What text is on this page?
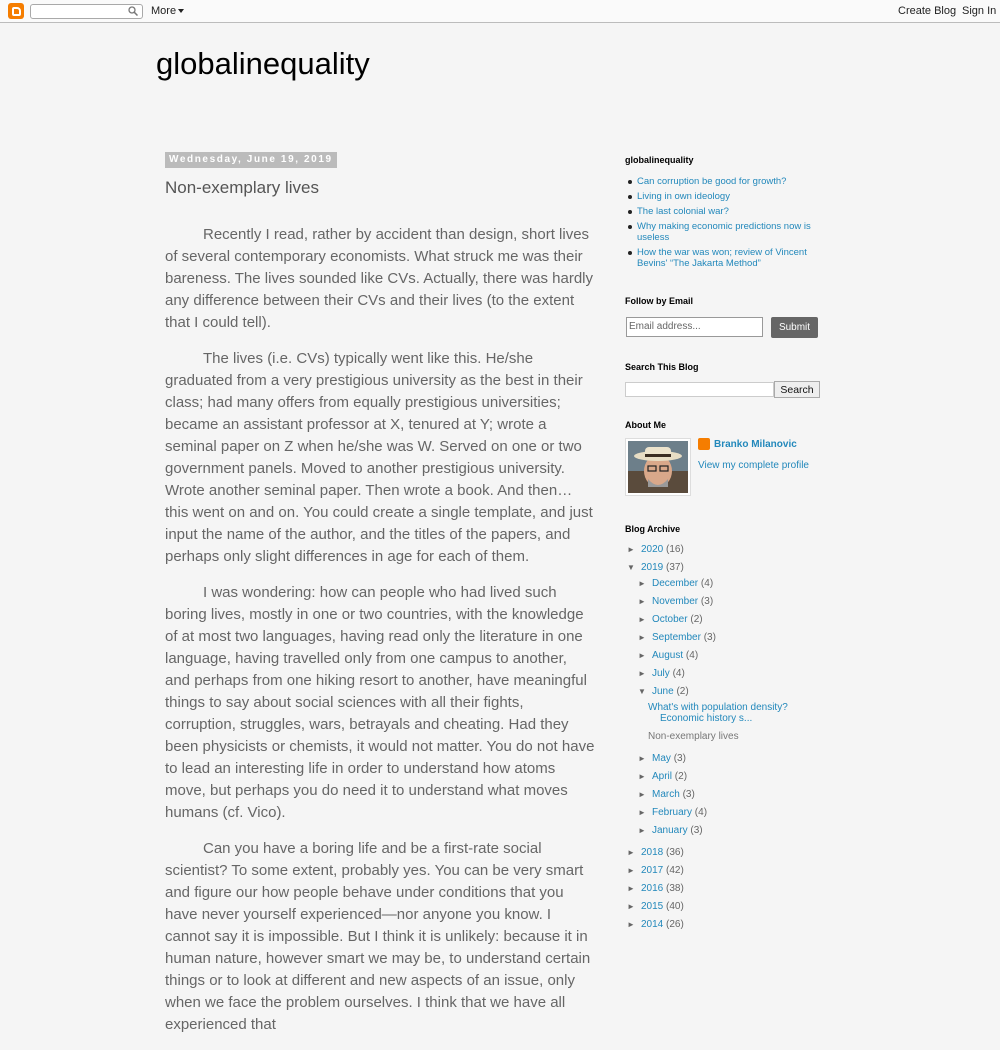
More	Create Blog Sign In
globalinequality
Wednesday, June 19, 2019
Non-exemplary lives

Recently I read, rather by accident than design, short lives of several contemporary economists. What struck me was their bareness. The lives sounded like CVs. Actually, there was hardly any difference between their CVs and their lives (to the extent that I could tell).

The lives (i.e. CVs) typically went like this. He/she graduated from a very prestigious university as the best in their class; had many offers from equally prestigious universities; became an assistant professor at X, tenured at Y; wrote a seminal paper on Z when he/she was W. Served on one or two government panels. Moved to another prestigious university. Wrote another seminal paper. Then wrote a book. And then…this went on and on. You could create a single template, and just input the name of the author, and the titles of the papers, and perhaps only slight differences in age for each of them.

I was wondering: how can people who had lived such boring lives, mostly in one or two countries, with the knowledge of at most two languages, having read only the literature in one language, having travelled only from one campus to another, and perhaps from one hiking resort to another, have meaningful things to say about social sciences with all their fights, corruption, struggles, wars, betrayals and cheating. Had they been physicists or chemists, it would not matter. You do not have to lead an interesting life in order to understand how atoms move, but perhaps you do need it to understand what moves humans (cf. Vico).

Can you have a boring life and be a first-rate social scientist? To some extent, probably yes. You can be very smart and figure our how people behave under conditions that you have never yourself experienced—nor anyone you know. I cannot say it is impossible. But I think it is unlikely: because it in human nature, however smart we may be, to understand certain things or to look at different and new aspects of an issue, only when we face the problem ourselves. I think that we have all experienced that

globalinequality
Can corruption be good for growth?
Living in own ideology
The last colonial war?
Why making economic predictions now is useless
How the war was won; review of Vincent Bevins' “The Jakarta Method”
Follow by Email
Email address...	Submit
Search This Blog
Search
About Me
Branko Milanovic
View my complete profile
Blog Archive
► 2020 (16)
▼ 2019 (37)
► December (4)
► November (3)
► October (2)
► September (3)
► August (4)
► July (4)
▼ June (2)
What's with population density? Economic history s...
Non-exemplary lives
► May (3)
► April (2)
► March (3)
► February (4)
► January (3)
► 2018 (36)
► 2017 (42)
► 2016 (38)
► 2015 (40)
► 2014 (26)
